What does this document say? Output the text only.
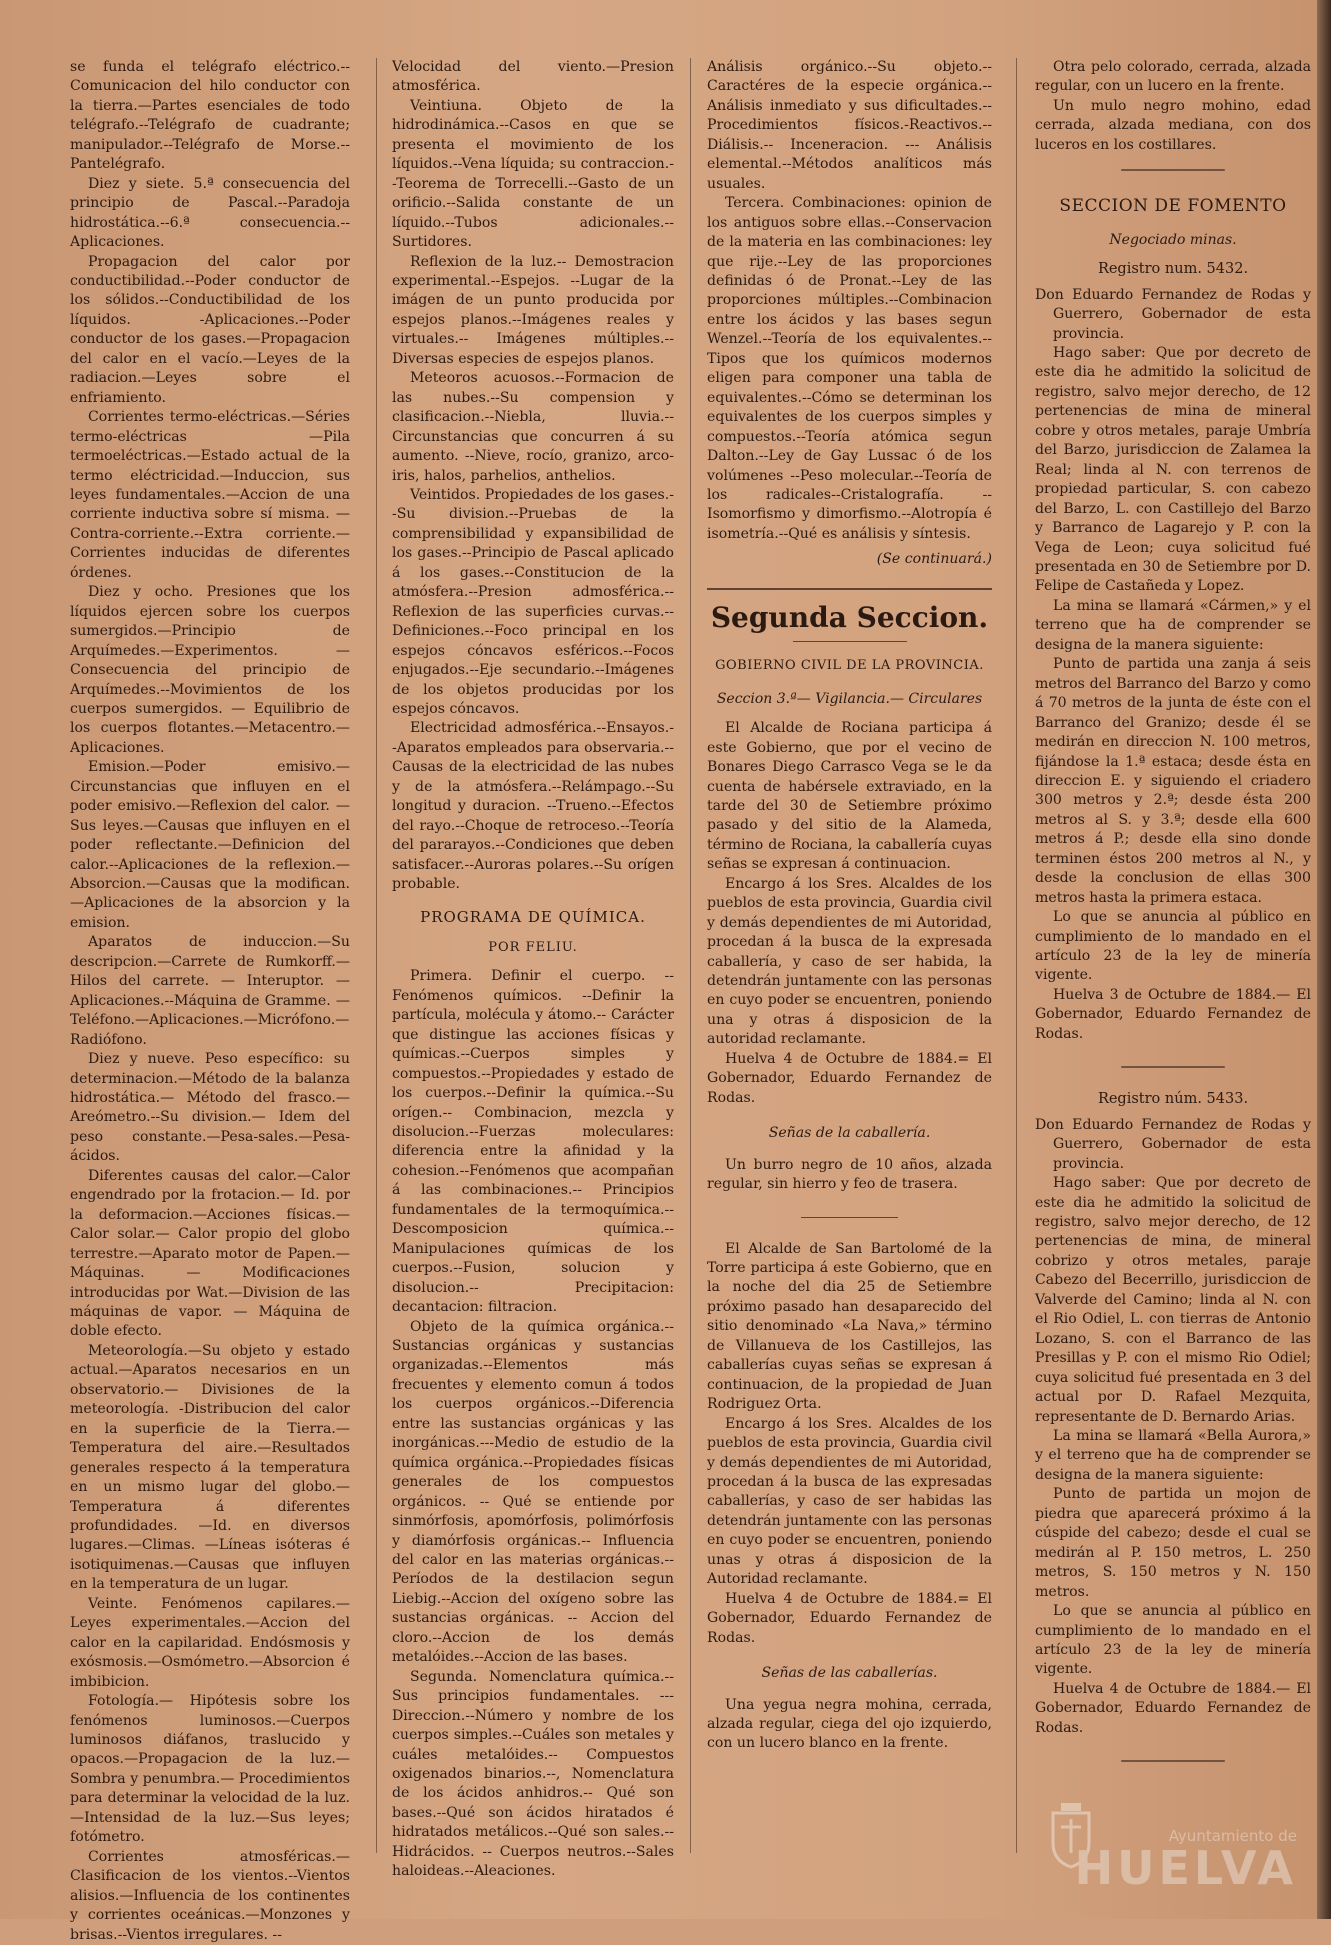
se funda el telégrafo eléctrico.--Comunicacion del hilo conductor con la tierra.—Partes esenciales de todo telégrafo.--Telégrafo de cuadrante; manipulador.--Telégrafo de Morse.--Pantelégrafo.

Diez y siete. 5.ª consecuencia del principio de Pascal.--Paradoja hidrostática.--6.ª consecuencia.--Aplicaciones.

Propagacion del calor por conductibilidad.--Poder conductor de los sólidos.--Conductibilidad de los líquidos. -Aplicaciones.--Poder conductor de los gases.—Propagacion del calor en el vacío.—Leyes de la radiacion.—Leyes sobre el enfriamiento.

Corrientes termo-eléctricas.—Séries termo-eléctricas —Pila termoeléctricas.—Estado actual de la termo eléctricidad.—Induccion, sus leyes fundamentales.—Accion de una corriente inductiva sobre sí misma. —Contra-corriente.--Extra corriente.—Corrientes inducidas de diferentes órdenes.

Diez y ocho. Presiones que los líquidos ejercen sobre los cuerpos sumergidos.—Principio de Arquímedes.—Experimentos. — Consecuencia del principio de Arquímedes.--Movimientos de los cuerpos sumergidos. — Equilibrio de los cuerpos flotantes.—Metacentro.—Aplicaciones.

Emision.—Poder emisivo.—Circunstancias que influyen en el poder emisivo.—Reflexion del calor. —Sus leyes.—Causas que influyen en el poder reflectante.—Definicion del calor.--Aplicaciones de la reflexion.—Absorcion.—Causas que la modifican.—Aplicaciones de la absorcion y la emision.

Aparatos de induccion.—Su descripcion.—Carrete de Rumkorff.—Hilos del carrete. — Interuptor. — Aplicaciones.--Máquina de Gramme. —Teléfono.—Aplicaciones.—Micrófono.—Radiófono.

Diez y nueve. Peso específico: su determinacion.—Método de la balanza hidrostática.— Método del frasco.—Areómetro.--Su division.— Idem del peso constante.—Pesa-sales.—Pesa-ácidos.

Diferentes causas del calor.—Calor engendrado por la frotacion.— Id. por la deformacion.—Acciones físicas.—Calor solar.— Calor propio del globo terrestre.—Aparato motor de Papen.—Máquinas. — Modificaciones introducidas por Wat.—Division de las máquinas de vapor. — Máquina de doble efecto.

Meteorología.—Su objeto y estado actual.—Aparatos necesarios en un observatorio.— Divisiones de la meteorología. -Distribucion del calor en la superficie de la Tierra.— Temperatura del aire.—Resultados generales respecto á la temperatura en un mismo lugar del globo.—Temperatura á diferentes profundidades. —Id. en diversos lugares.—Climas. —Líneas isóteras é isotiquimenas.—Causas que influyen en la temperatura de un lugar.

Veinte. Fenómenos capilares.— Leyes experimentales.—Accion del calor en la capilaridad. Endósmosis y exósmosis.—Osmómetro.—Absorcion é imbibicion.

Fotología.— Hipótesis sobre los fenómenos luminosos.—Cuerpos luminosos diáfanos, traslucido y opacos.—Propagacion de la luz.—Sombra y penumbra.— Procedimientos para determinar la velocidad de la luz.—Intensidad de la luz.—Sus leyes; fotómetro.

Corrientes atmosféricas.—Clasificacion de los vientos.--Vientos alisios.—Influencia de los continentes y corrientes oceánicas.—Monzones y brisas.--Vientos irregulares. --

Velocidad del viento.—Presion atmosférica.

Veintiuna. Objeto de la hidrodinámica.--Casos en que se presenta el movimiento de los líquidos.--Vena líquida; su contraccion.--Teorema de Torrecelli.--Gasto de un orificio.--Salida constante de un líquido.--Tubos adicionales.--Surtidores.

Reflexion de la luz.-- Demostracion experimental.--Espejos. --Lugar de la imágen de un punto producida por espejos planos.--Imágenes reales y virtuales.-- Imágenes múltiples.--Diversas especies de espejos planos.

Meteoros acuosos.--Formacion de las nubes.--Su compension y clasificacion.--Niebla, lluvia.-- Circunstancias que concurren á su aumento. --Nieve, rocío, granizo, arco-iris, halos, parhelios, anthelios.

Veintidos. Propiedades de los gases.--Su division.--Pruebas de la comprensibilidad y expansibilidad de los gases.--Principio de Pascal aplicado á los gases.--Constitucion de la atmósfera.--Presion admosférica.--Reflexion de las superficies curvas.--Definiciones.--Foco principal en los espejos cóncavos esféricos.--Focos enjugados.--Eje secundario.--Imágenes de los objetos producidas por los espejos cóncavos.

Electricidad admosférica.--Ensayos.--Aparatos empleados para observaria.--Causas de la electricidad de las nubes y de la atmósfera.--Relámpago.--Su longitud y duracion. --Trueno.--Efectos del rayo.--Choque de retroceso.--Teoría del pararayos.--Condiciones que deben satisfacer.--Auroras polares.--Su orígen probable.

PROGRAMA DE QUÍMICA.

POR FELIU.

Primera. Definir el cuerpo. -- Fenómenos químicos. --Definir la partícula, molécula y átomo.-- Carácter que distingue las acciones físicas y químicas.--Cuerpos simples y compuestos.--Propiedades y estado de los cuerpos.--Definir la química.--Su orígen.-- Combinacion, mezcla y disolucion.--Fuerzas moleculares: diferencia entre la afinidad y la cohesion.--Fenómenos que acompañan á las combinaciones.-- Principios fundamentales de la termoquímica.--Descomposicion química.--Manipulaciones químicas de los cuerpos.--Fusion, solucion y disolucion.-- Precipitacion: decantacion: filtracion.

Objeto de la química orgánica.-- Sustancias orgánicas y sustancias organizadas.--Elementos más frecuentes y elemento comun á todos los cuerpos orgánicos.--Diferencia entre las sustancias orgánicas y las inorgánicas.---Medio de estudio de la química orgánica.--Propiedades físicas generales de los compuestos orgánicos. -- Qué se entiende por sinmórfosis, apomórfosis, polimórfosis y diamórfosis orgánicas.-- Influencia del calor en las materias orgánicas.--Períodos de la destilacion segun Liebig.--Accion del oxígeno sobre las sustancias orgánicas. -- Accion del cloro.--Accion de los demás metalóides.--Accion de las bases.

Segunda. Nomenclatura química.--Sus principios fundamentales. ---Direccion.--Número y nombre de los cuerpos simples.--Cuáles son metales y cuáles metalóides.-- Compuestos oxigenados binarios.--, Nomenclatura de los ácidos anhidros.-- Qué son bases.--Qué son ácidos hiratados é hidratados metálicos.--Qué son sales.--Hidrácidos. -- Cuerpos neutros.--Sales haloideas.--Aleaciones.

Análisis orgánico.--Su objeto.-- Caractéres de la especie orgánica.-- Análisis inmediato y sus dificultades.--Procedimientos físicos.-Reactivos.--Diálisis.-- Inceneracion. --- Análisis elemental.--Métodos analíticos más usuales.

Tercera. Combinaciones: opinion de los antiguos sobre ellas.--Conservacion de la materia en las combinaciones: ley que rije.--Ley de las proporciones definidas ó de Pronat.--Ley de las proporciones múltiples.--Combinacion entre los ácidos y las bases segun Wenzel.--Teoría de los equivalentes.--Tipos que los químicos modernos eligen para componer una tabla de equivalentes.--Cómo se determinan los equivalentes de los cuerpos simples y compuestos.--Teoría atómica segun Dalton.--Ley de Gay Lussac ó de los volúmenes --Peso molecular.--Teoría de los radicales--Cristalografía. --Isomorfismo y dimorfismo.--Alotropía é isometría.--Qué es análisis y síntesis.

(Se continuará.)

Segunda Seccion.

GOBIERNO CIVIL DE LA PROVINCIA.

Seccion 3.ª— Vigilancia.— Circulares

El Alcalde de Rociana participa á este Gobierno, que por el vecino de Bonares Diego Carrasco Vega se le da cuenta de habérsele extraviado, en la tarde del 30 de Setiembre próximo pasado y del sitio de la Alameda, término de Rociana, la caballería cuyas señas se expresan á continuacion.

Encargo á los Sres. Alcaldes de los pueblos de esta provincia, Guardia civil y demás dependientes de mi Autoridad, procedan á la busca de la expresada caballería, y caso de ser habida, la detendrán juntamente con las personas en cuyo poder se encuentren, poniendo una y otras á disposicion de la autoridad reclamante.

Huelva 4 de Octubre de 1884.= El Gobernador, Eduardo Fernandez de Rodas.

Señas de la caballería.

Un burro negro de 10 años, alzada regular, sin hierro y feo de trasera.

El Alcalde de San Bartolomé de la Torre participa á este Gobierno, que en la noche del dia 25 de Setiembre próximo pasado han desaparecido del sitio denominado «La Nava,» término de Villanueva de los Castillejos, las caballerías cuyas señas se expresan á continuacion, de la propiedad de Juan Rodriguez Orta.

Encargo á los Sres. Alcaldes de los pueblos de esta provincia, Guardia civil y demás dependientes de mi Autoridad, procedan á la busca de las expresadas caballerías, y caso de ser habidas las detendrán juntamente con las personas en cuyo poder se encuentren, poniendo unas y otras á disposicion de la Autoridad reclamante.

Huelva 4 de Octubre de 1884.= El Gobernador, Eduardo Fernandez de Rodas.

Señas de las caballerías.

Una yegua negra mohina, cerrada, alzada regular, ciega del ojo izquierdo, con un lucero blanco en la frente.

Otra pelo colorado, cerrada, alzada regular, con un lucero en la frente.

Un mulo negro mohino, edad cerrada, alzada mediana, con dos luceros en los costillares.

SECCION DE FOMENTO

Negociado minas.

Registro num. 5432.

Don Eduardo Fernandez de Rodas y Guerrero, Gobernador de esta provincia.

Hago saber: Que por decreto de este dia he admitido la solicitud de registro, salvo mejor derecho, de 12 pertenencias de mina de mineral cobre y otros metales, paraje Umbría del Barzo, jurisdiccion de Zalamea la Real; linda al N. con terrenos de propiedad particular, S. con cabezo del Barzo, L. con Castillejo del Barzo y Barranco de Lagarejo y P. con la Vega de Leon; cuya solicitud fué presentada en 30 de Setiembre por D. Felipe de Castañeda y Lopez.

La mina se llamará «Cármen,» y el terreno que ha de comprender se designa de la manera siguiente:

Punto de partida una zanja á seis metros del Barranco del Barzo y como á 70 metros de la junta de éste con el Barranco del Granizo; desde él se medirán en direccion N. 100 metros, fijándose la 1.ª estaca; desde ésta en direccion E. y siguiendo el criadero 300 metros y 2.ª; desde ésta 200 metros al S. y 3.ª; desde ella 600 metros á P.; desde ella sino donde terminen éstos 200 metros al N., y desde la conclusion de ellas 300 metros hasta la primera estaca.

Lo que se anuncia al público en cumplimiento de lo mandado en el artículo 23 de la ley de minería vigente.

Huelva 3 de Octubre de 1884.— El Gobernador, Eduardo Fernandez de Rodas.

Registro núm. 5433.

Don Eduardo Fernandez de Rodas y Guerrero, Gobernador de esta provincia.

Hago saber: Que por decreto de este dia he admitido la solicitud de registro, salvo mejor derecho, de 12 pertenencias de mina, de mineral cobrizo y otros metales, paraje Cabezo del Becerrillo, jurisdiccion de Valverde del Camino; linda al N. con el Rio Odiel, L. con tierras de Antonio Lozano, S. con el Barranco de las Presillas y P. con el mismo Rio Odiel; cuya solicitud fué presentada en 3 del actual por D. Rafael Mezquita, representante de D. Bernardo Arias.

La mina se llamará «Bella Aurora,» y el terreno que ha de comprender se designa de la manera siguiente:

Punto de partida un mojon de piedra que aparecerá próximo á la cúspide del cabezo; desde el cual se medirán al P. 150 metros, L. 250 metros, S. 150 metros y N. 150 metros.

Lo que se anuncia al público en cumplimiento de lo mandado en el artículo 23 de la ley de minería vigente.

Huelva 4 de Octubre de 1884.— El Gobernador, Eduardo Fernandez de Rodas.

Ayuntamiento de
HUELVA
